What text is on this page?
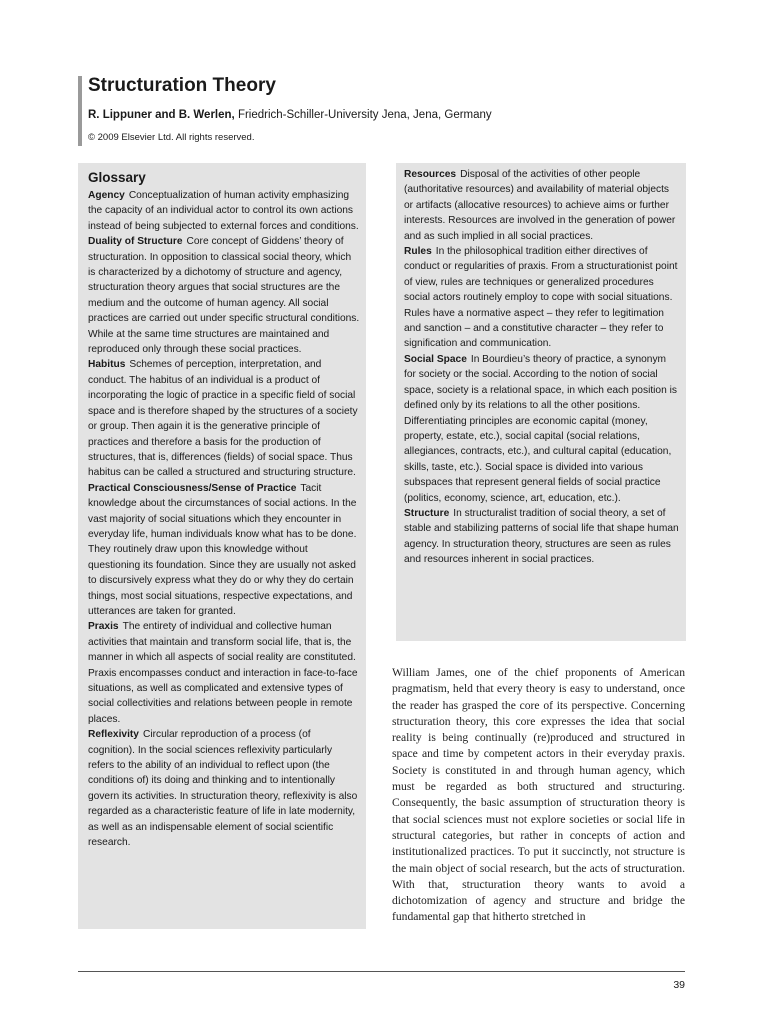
Structuration Theory
R. Lippuner and B. Werlen, Friedrich-Schiller-University Jena, Jena, Germany
© 2009 Elsevier Ltd. All rights reserved.
Glossary

Agency Conceptualization of human activity emphasizing the capacity of an individual actor to control its own actions instead of being subjected to external forces and conditions.

Duality of Structure Core concept of Giddens’ theory of structuration. In opposition to classical social theory, which is characterized by a dichotomy of structure and agency, structuration theory argues that social structures are the medium and the outcome of human agency. All social practices are carried out under specific structural conditions. While at the same time structures are maintained and reproduced only through these social practices.

Habitus Schemes of perception, interpretation, and conduct. The habitus of an individual is a product of incorporating the logic of practice in a specific field of social space and is therefore shaped by the structures of a society or group. Then again it is the generative principle of practices and therefore a basis for the production of structures, that is, differences (fields) of social space. Thus habitus can be called a structured and structuring structure.

Practical Consciousness/Sense of Practice Tacit knowledge about the circumstances of social actions. In the vast majority of social situations which they encounter in everyday life, human individuals know what has to be done. They routinely draw upon this knowledge without questioning its foundation. Since they are usually not asked to discursively express what they do or why they do certain things, most social situations, respective expectations, and utterances are taken for granted.

Praxis The entirety of individual and collective human activities that maintain and transform social life, that is, the manner in which all aspects of social reality are constituted. Praxis encompasses conduct and interaction in face-to-face situations, as well as complicated and extensive types of social collectivities and relations between people in remote places.

Reflexivity Circular reproduction of a process (of cognition). In the social sciences reflexivity particularly refers to the ability of an individual to reflect upon (the conditions of) its doing and thinking and to intentionally govern its activities. In structuration theory, reflexivity is also regarded as a characteristic feature of life in late modernity, as well as an indispensable element of social scientific research.

Resources Disposal of the activities of other people (authoritative resources) and availability of material objects or artifacts (allocative resources) to achieve aims or further interests. Resources are involved in the generation of power and as such implied in all social practices.

Rules In the philosophical tradition either directives of conduct or regularities of praxis. From a structurationist point of view, rules are techniques or generalized procedures social actors routinely employ to cope with social situations. Rules have a normative aspect – they refer to legitimation and sanction – and a constitutive character – they refer to signification and communication.

Social Space In Bourdieu’s theory of practice, a synonym for society or the social. According to the notion of social space, society is a relational space, in which each position is defined only by its relations to all the other positions. Differentiating principles are economic capital (money, property, estate, etc.), social capital (social relations, allegiances, contracts, etc.), and cultural capital (education, skills, taste, etc.). Social space is divided into various subspaces that represent general fields of social practice (politics, economy, science, art, education, etc.).

Structure In structuralist tradition of social theory, a set of stable and stabilizing patterns of social life that shape human agency. In structuration theory, structures are seen as rules and resources inherent in social practices.

William James, one of the chief proponents of American pragmatism, held that every theory is easy to understand, once the reader has grasped the core of its perspective. Concerning structuration theory, this core expresses the idea that social reality is being continually (re)produced and structured in space and time by competent actors in their everyday praxis. Society is constituted in and through human agency, which must be regarded as both structured and structuring. Consequently, the basic assumption of structuration theory is that social sciences must not explore societies or social life in structural categories, but rather in concepts of action and institutionalized practices. To put it succinctly, not structure is the main object of social research, but the acts of structuration. With that, structuration theory wants to avoid a dichotomization of agency and structure and bridge the fundamental gap that hitherto stretched in

39
